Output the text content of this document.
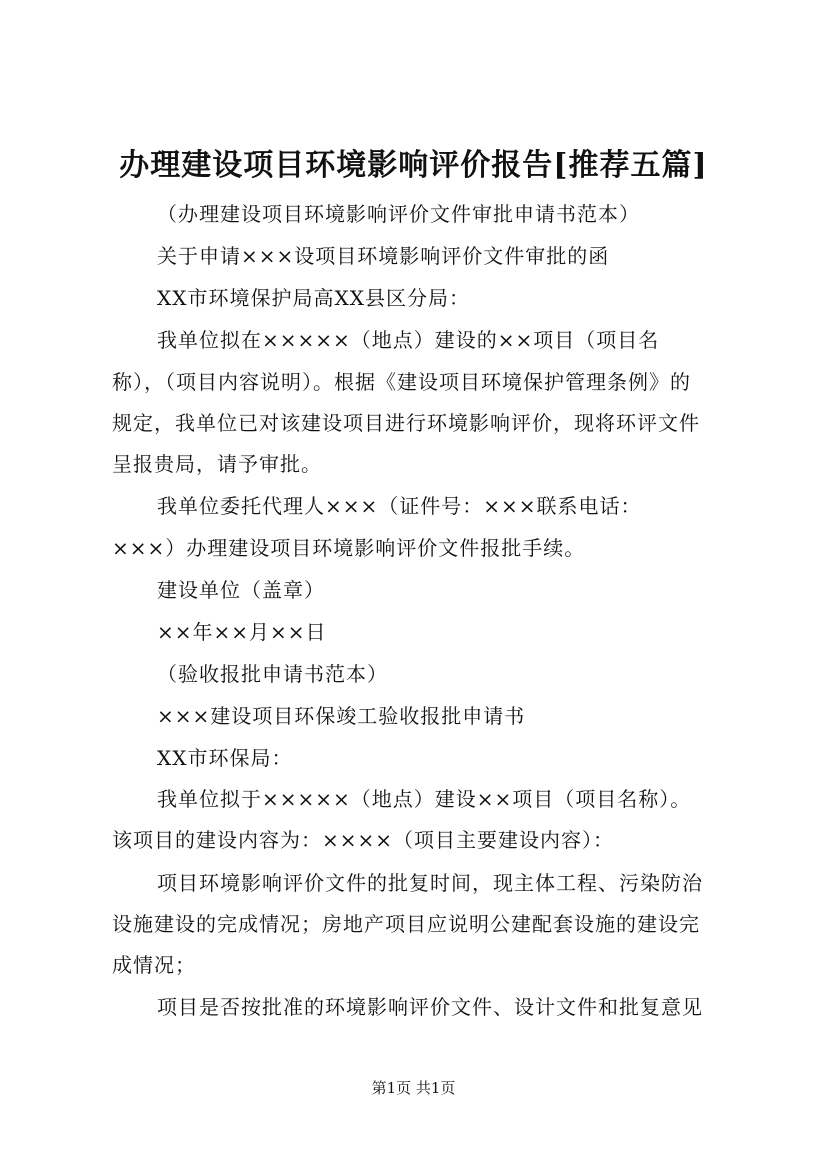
办理建设项目环境影响评价报告[推荐五篇]
（办理建设项目环境影响评价文件审批申请书范本）
关于申请×××设项目环境影响评价文件审批的函
XX市环境保护局高XX县区分局：
我单位拟在×××××（地点）建设的××项目（项目名
称），（项目内容说明）。根据《建设项目环境保护管理条例》的
规定，我单位已对该建设项目进行环境影响评价，现将环评文件
呈报贵局，请予审批。
我单位委托代理人×××（证件号：×××联系电话：
×××）办理建设项目环境影响评价文件报批手续。
建设单位（盖章）
××年××月××日
（验收报批申请书范本）
×××建设项目环保竣工验收报批申请书
XX市环保局：
我单位拟于×××××（地点）建设××项目（项目名称）。
该项目的建设内容为：××××（项目主要建设内容）：
项目环境影响评价文件的批复时间，现主体工程、污染防治
设施建设的完成情况；房地产项目应说明公建配套设施的建设完
成情况；
项目是否按批准的环境影响评价文件、设计文件和批复意见
第1页 共1页
